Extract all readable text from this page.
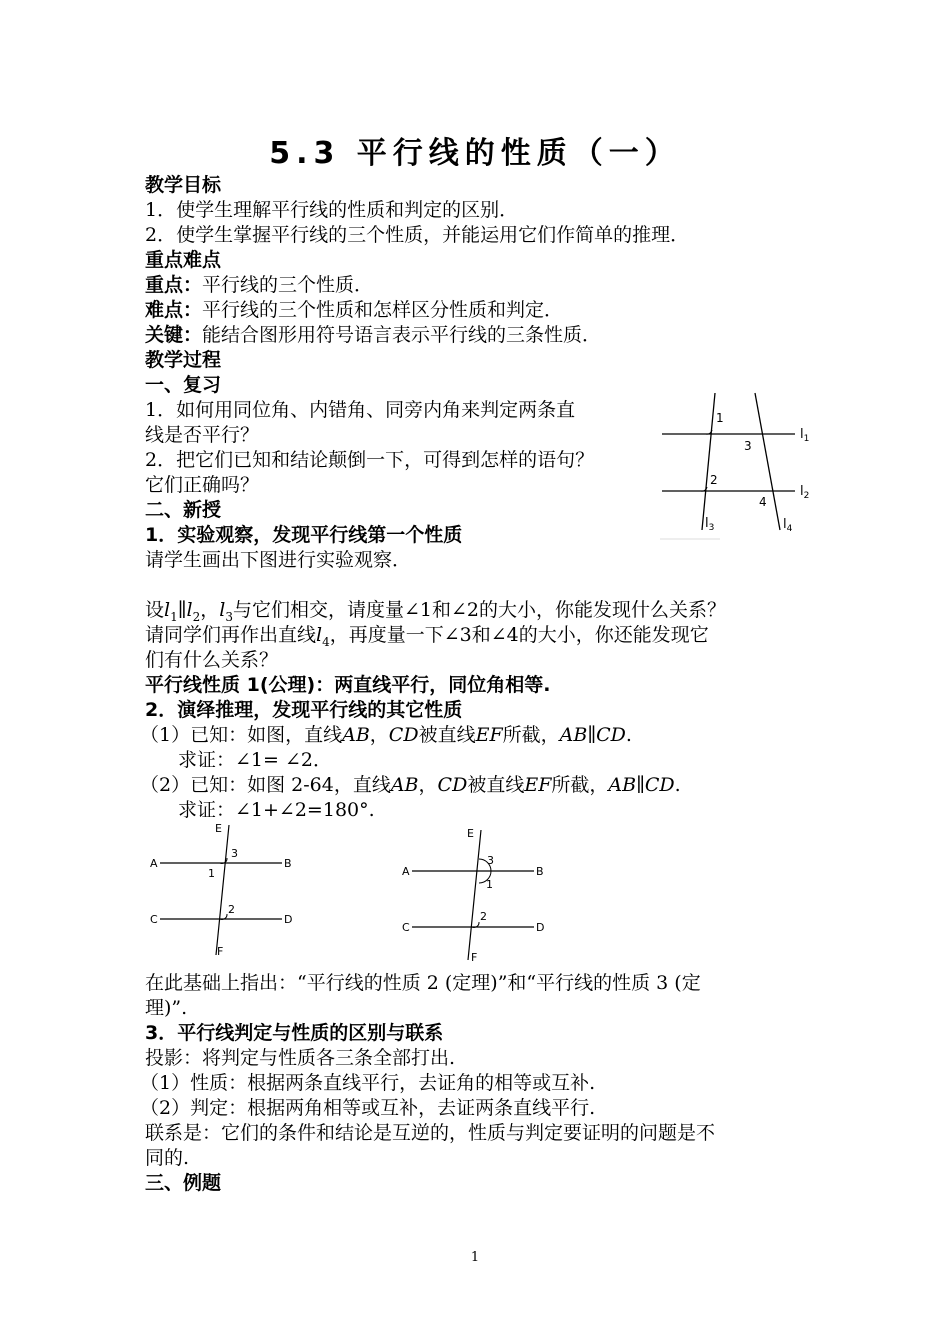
5.3 平行线的性质（一）
教学目标
1．使学生理解平行线的性质和判定的区别．
2．使学生掌握平行线的三个性质，并能运用它们作简单的推理．
重点难点
重点：平行线的三个性质．
难点：平行线的三个性质和怎样区分性质和判定．
关键：能结合图形用符号语言表示平行线的三条性质．
教学过程
一、复习
1．如何用同位角、内错角、同旁内角来判定两条直
线是否平行？
2．把它们已知和结论颠倒一下，可得到怎样的语句？
它们正确吗？
1
3
2
4
$l_1$
$l_2$
$l_3$	$l_4$
二、新授
1．实验观察，发现平行线第一个性质
请学生画出下图进行实验观察．
设$l_1\parallel l_2$，$l_3$与它们相交，请度量∠1和∠2的大小，你能发现什么关系？
请同学们再作出直线$l_4$，再度量一下∠3和∠4的大小，你还能发现它
们有什么关系？
平行线性质 1(公理)：两直线平行，同位角相等.
2．演绎推理，发现平行线的其它性质
（1）已知：如图，直线AB，CD被直线EF所截，AB∥CD.
求证：∠1= ∠2．
（2）已知：如图 2-64，直线AB，CD被直线EF所截，AB∥CD.
求证：∠1+∠2=180°.
E
A	B
C	D
F
3
1
2
E
A	B
C	D
F
3
1
2
在此基础上指出：“平行线的性质 2 (定理)”和“平行线的性质 3 (定
理)”.
3．平行线判定与性质的区别与联系
投影：将判定与性质各三条全部打出.
（1）性质：根据两条直线平行，去证角的相等或互补.
（2）判定：根据两角相等或互补，去证两条直线平行.
联系是：它们的条件和结论是互逆的，性质与判定要证明的问题是不
同的.
三、例题
1
